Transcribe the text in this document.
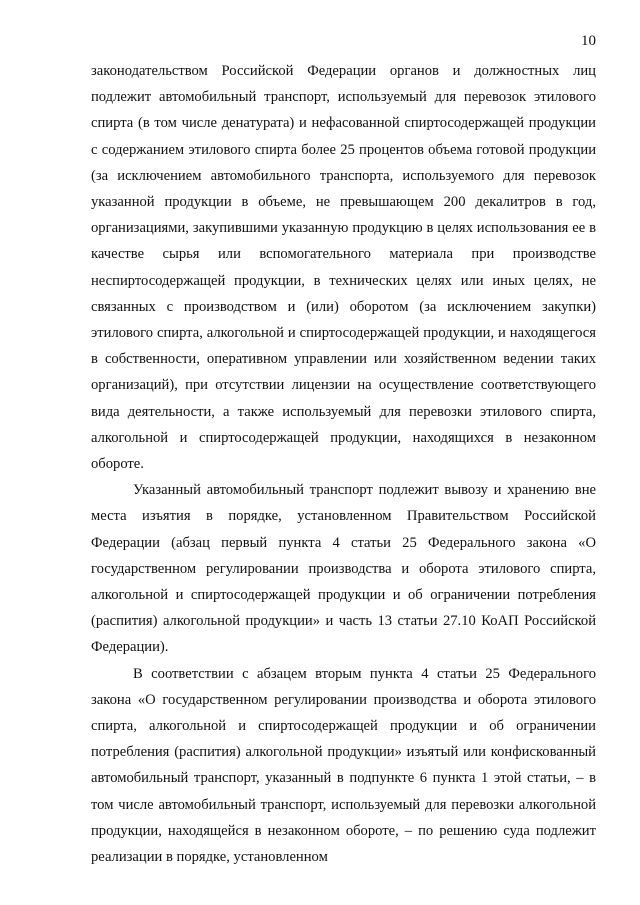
10

законодательством Российской Федерации органов и должностных лиц подлежит автомобильный транспорт, используемый для перевозок этилового спирта (в том числе денатурата) и нефасованной спиртосодержащей продукции с содержанием этилового спирта более 25 процентов объема готовой продукции (за исключением автомобильного транспорта, используемого для перевозок указанной продукции в объеме, не превышающем 200 декалитров в год, организациями, закупившими указанную продукцию в целях использования ее в качестве сырья или вспомогательного материала при производстве неспиртосодержащей продукции, в технических целях или иных целях, не связанных с производством и (или) оборотом (за исключением закупки) этилового спирта, алкогольной и спиртосодержащей продукции, и находящегося в собственности, оперативном управлении или хозяйственном ведении таких организаций), при отсутствии лицензии на осуществление соответствующего вида деятельности, а также используемый для перевозки этилового спирта, алкогольной и спиртосодержащей продукции, находящихся в незаконном обороте.

Указанный автомобильный транспорт подлежит вывозу и хранению вне места изъятия в порядке, установленном Правительством Российской Федерации (абзац первый пункта 4 статьи 25 Федерального закона «О государственном регулировании производства и оборота этилового спирта, алкогольной и спиртосодержащей продукции и об ограничении потребления (распития) алкогольной продукции» и часть 13 статьи 27.10 КоАП Российской Федерации).

В соответствии с абзацем вторым пункта 4 статьи 25 Федерального закона «О государственном регулировании производства и оборота этилового спирта, алкогольной и спиртосодержащей продукции и об ограничении потребления (распития) алкогольной продукции» изъятый или конфискованный автомобильный транспорт, указанный в подпункте 6 пункта 1 этой статьи, – в том числе автомобильный транспорт, используемый для перевозки алкогольной продукции, находящейся в незаконном обороте, – по решению суда подлежит реализации в порядке, установленном
